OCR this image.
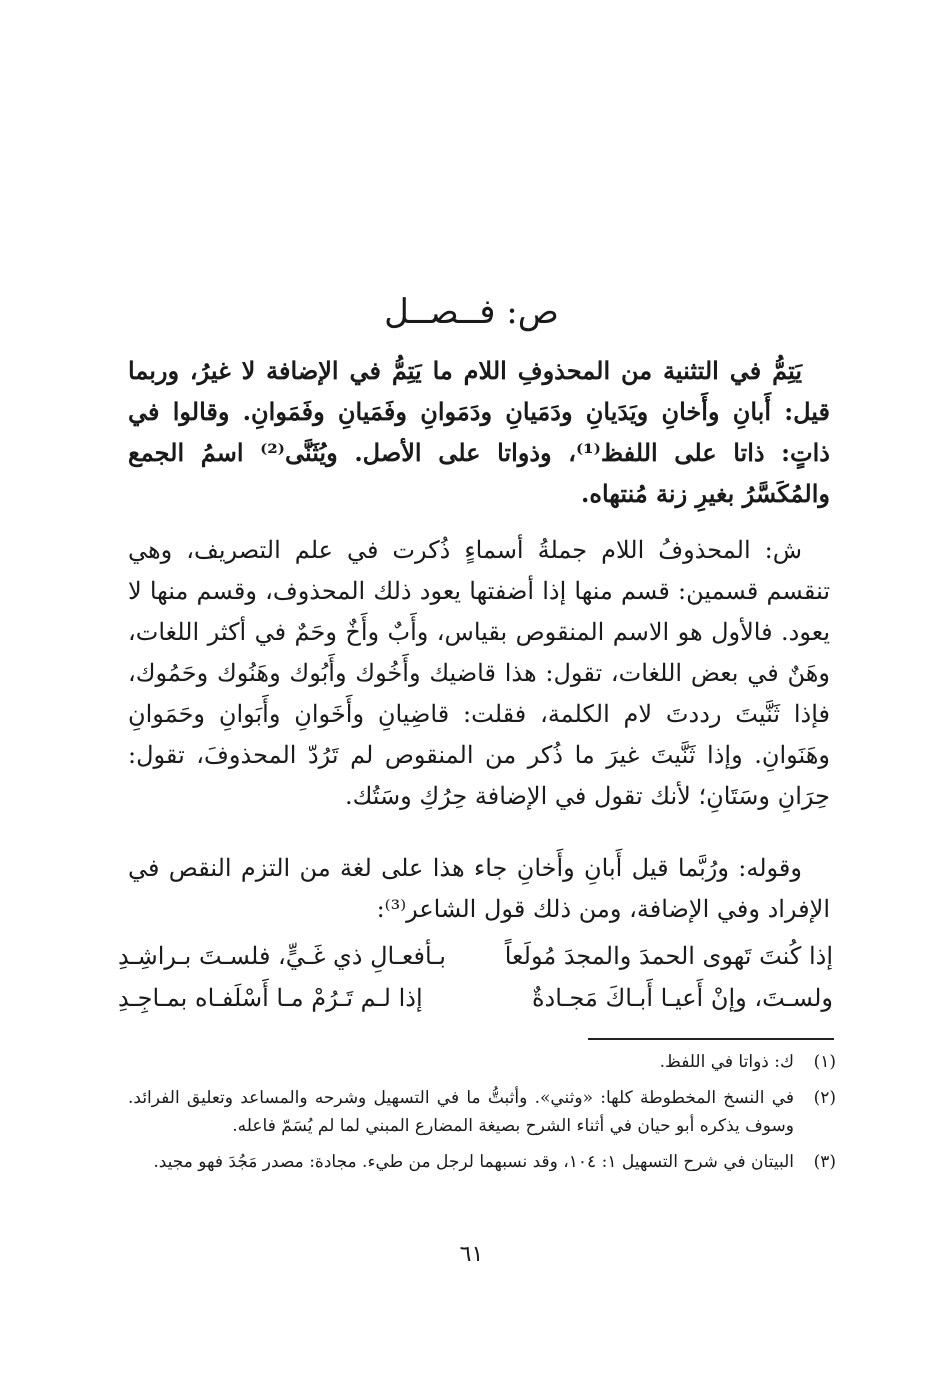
ص: فــصــل
يَتِمُّ في التثنية من المحذوفِ اللام ما يَتِمُّ في الإضافة لا غيرُ، وربما قيل: أَبانِ وأَخانِ ويَدَيانِ ودَمَيانِ ودَمَوانِ وفَمَيانِ وفَمَوانِ. وقالوا في ذاتٍ: ذاتا على اللفظ⁽¹⁾، وذواتا على الأصل. ويُثَنَّى⁽²⁾ اسمُ الجمع والمُكَسَّرُ بغيرِ زنة مُنتهاه.
ش: المحذوفُ اللام جملةُ أسماءٍ ذُكرت في علم التصريف، وهي تنقسم قسمين: قسم منها إذا أضفتها يعود ذلك المحذوف، وقسم منها لا يعود. فالأول هو الاسم المنقوص بقياس، وأَبٌ وأَخٌ وحَمٌ في أكثر اللغات، وهَنٌ في بعض اللغات، تقول: هذا قاضيك وأَخُوك وأَبُوك وهَنُوك وحَمُوك، فإذا ثَنَّيتَ رددتَ لام الكلمة، فقلت: قاضِيانِ وأَخَوانِ وأَبَوانِ وحَمَوانِ وهَنَوانِ. وإذا ثَنَّيتَ غيرَ ما ذُكر من المنقوص لم تَرُدّ المحذوفَ، تقول: حِرَانِ وسَتَانِ؛ لأنك تقول في الإضافة حِرُكِ وسَتُك.
وقوله: ورُبَّما قيل أَبانِ وأَخانِ جاء هذا على لغة من التزم النقص في الإفراد وفي الإضافة، ومن ذلك قول الشاعر⁽³⁾:
إذا كُنتَ تَهوى الحمدَ والمجدَ مُولَعاً
بـأفعـالِ ذي غَـيٍّ، فلسـتَ بـراشِـدِ
إذا لـم تَـرُمْ مـا أَسْلَفـاه بمـاجِـدِ	ولسـتَ، وإنْ أَعيـا أَبـاكَ مَجـادةٌ
(١)
ك: ذواتا في اللفظ.
(٢)
في النسخ المخطوطة كلها: «وثني». وأثبتُّ ما في التسهيل وشرحه والمساعد وتعليق الفرائد. وسوف يذكره أبو حيان في أثناء الشرح بصيغة المضارع المبني لما لم يُسَمّ فاعله.
(٣)
البيتان في شرح التسهيل ١: ١٠٤، وقد نسبهما لرجل من طيء. مجادة: مصدر مَجُدَ فهو مجيد.
٦١
